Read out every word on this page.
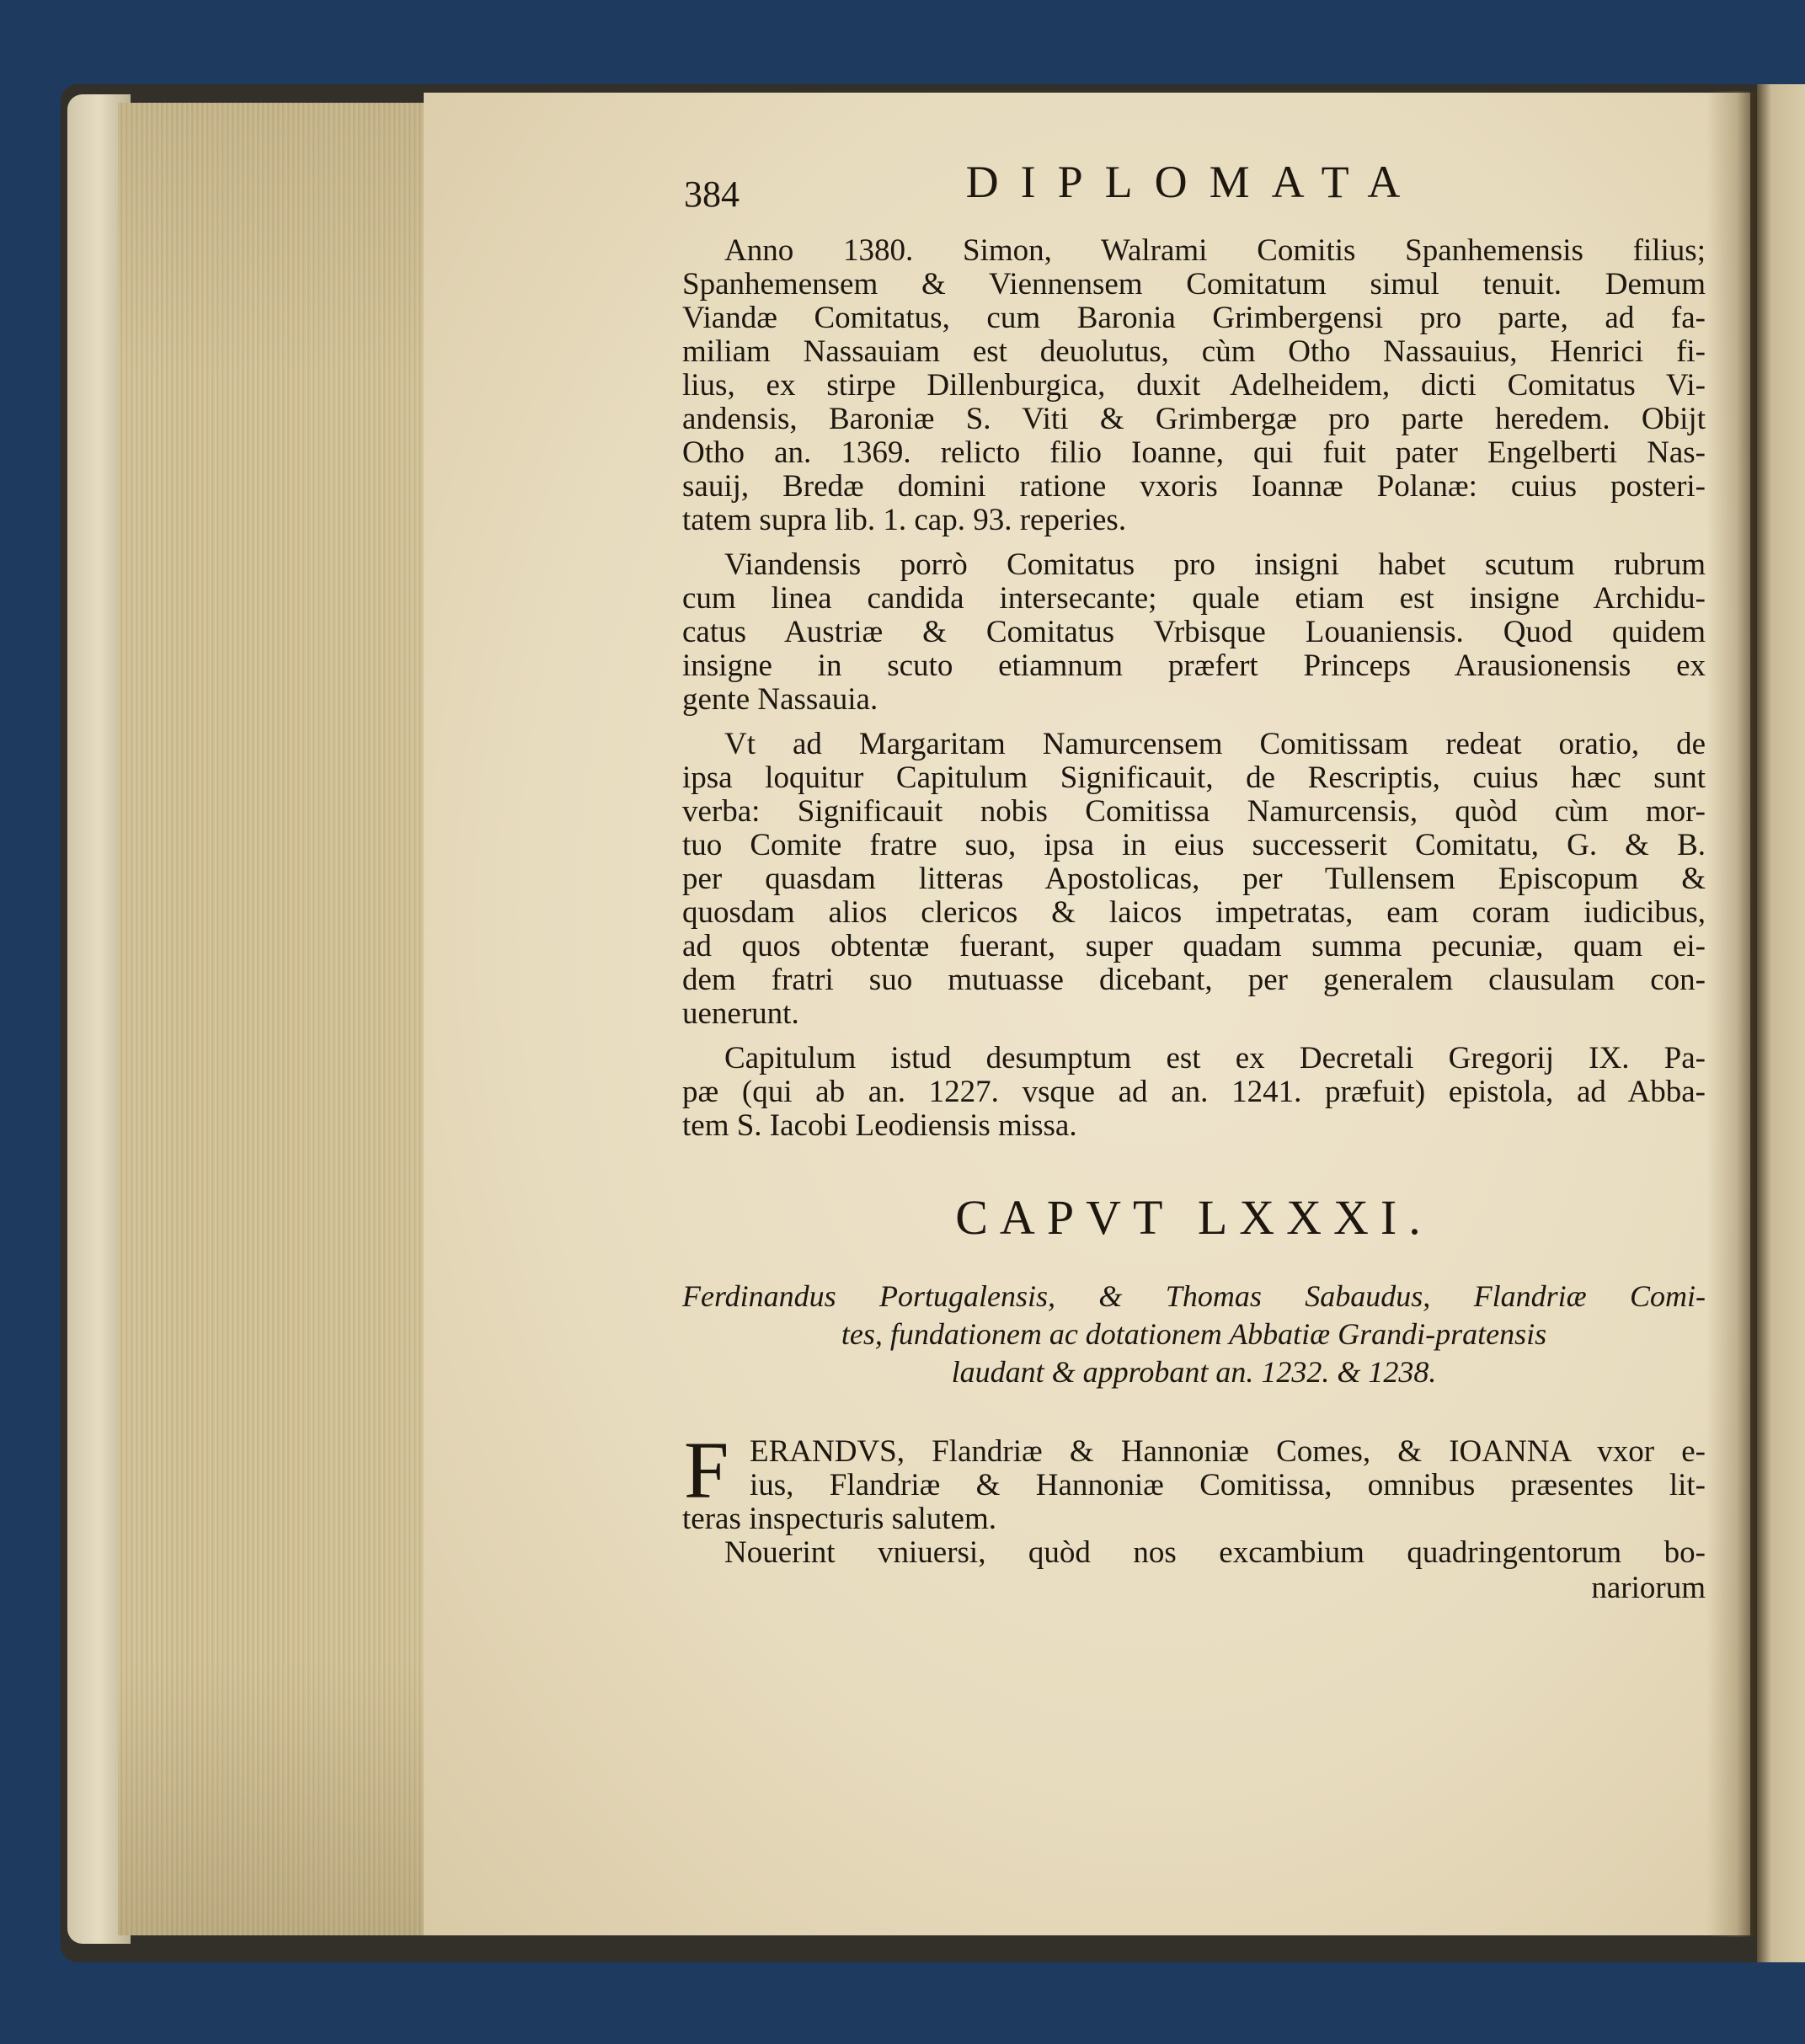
384	DIPLOMATA
Anno 1380. Simon, Walrami Comitis Spanhemensis filius;
Spanhemensem & Viennensem Comitatum simul tenuit. Demum
Viandæ Comitatus, cum Baronia Grimbergensi pro parte, ad fa-
miliam Nassauiam est deuolutus, cùm Otho Nassauius, Henrici fi-
lius, ex stirpe Dillenburgica, duxit Adelheidem, dicti Comitatus Vi-
andensis, Baroniæ S. Viti & Grimbergæ pro parte heredem. Obijt
Otho an. 1369. relicto filio Ioanne, qui fuit pater Engelberti Nas-
sauij, Bredæ domini ratione vxoris Ioannæ Polanæ: cuius posteri-
tatem supra lib. 1. cap. 93. reperies.
Viandensis porrò Comitatus pro insigni habet scutum rubrum
cum linea candida intersecante; quale etiam est insigne Archidu-
catus Austriæ & Comitatus Vrbisque Louaniensis. Quod quidem
insigne in scuto etiamnum præfert Princeps Arausionensis ex
gente Nassauia.
Vt ad Margaritam Namurcensem Comitissam redeat oratio, de
ipsa loquitur Capitulum Significauit, de Rescriptis, cuius hæc sunt
verba: Significauit nobis Comitissa Namurcensis, quòd cùm mor-
tuo Comite fratre suo, ipsa in eius successerit Comitatu, G. & B.
per quasdam litteras Apostolicas, per Tullensem Episcopum &
quosdam alios clericos & laicos impetratas, eam coram iudicibus,
ad quos obtentæ fuerant, super quadam summa pecuniæ, quam ei-
dem fratri suo mutuasse dicebant, per generalem clausulam con-
uenerunt.
Capitulum istud desumptum est ex Decretali Gregorij IX. Pa-
pæ (qui ab an. 1227. vsque ad an. 1241. præfuit) epistola, ad Abba-
tem S. Iacobi Leodiensis missa.
CAPVT LXXXI.
Ferdinandus Portugalensis, & Thomas Sabaudus, Flandriæ Comi-
tes, fundationem ac dotationem Abbatiæ Grandi-pratensis
laudant & approbant an. 1232. & 1238.
F ERANDVS, Flandriæ & Hannoniæ Comes, & IOANNA vxor e-
ius, Flandriæ & Hannoniæ Comitissa, omnibus præsentes lit-
teras inspecturis salutem.
Nouerint vniuersi, quòd nos excambium quadringentorum bo-
nariorum
